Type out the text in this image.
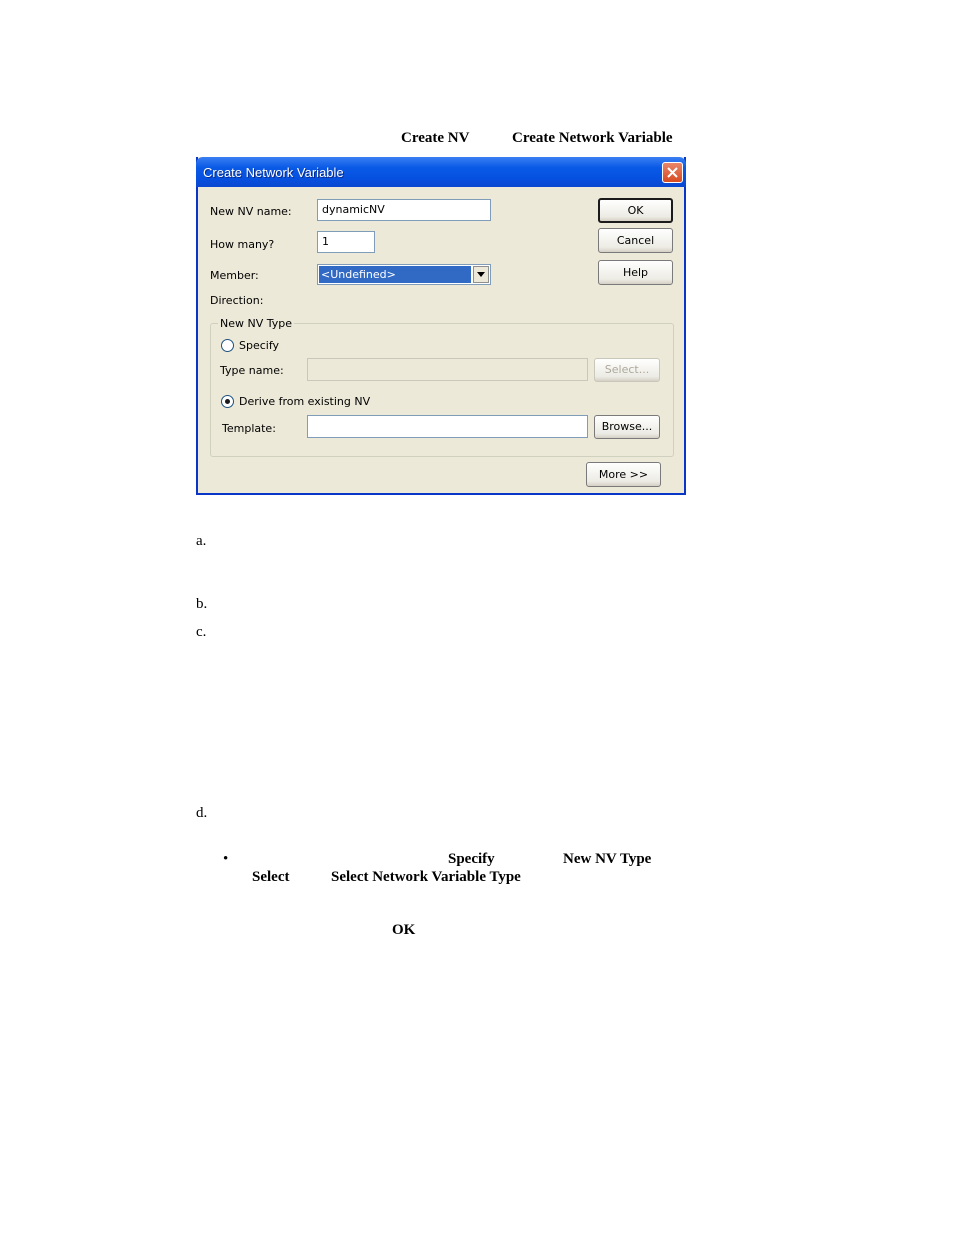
Create NV	Create Network Variable
Create Network Variable
New NV name:	dynamicNV
How many?	1
Member:	<Undefined>
Direction:
OK
Cancel
Help
New NV Type
Specify
Type name:	Select...
Derive from existing NV
Template:	Browse...
More >>
a.
b.
c.
d.
•	Specify	New NV Type
Select	Select Network Variable Type
OK
